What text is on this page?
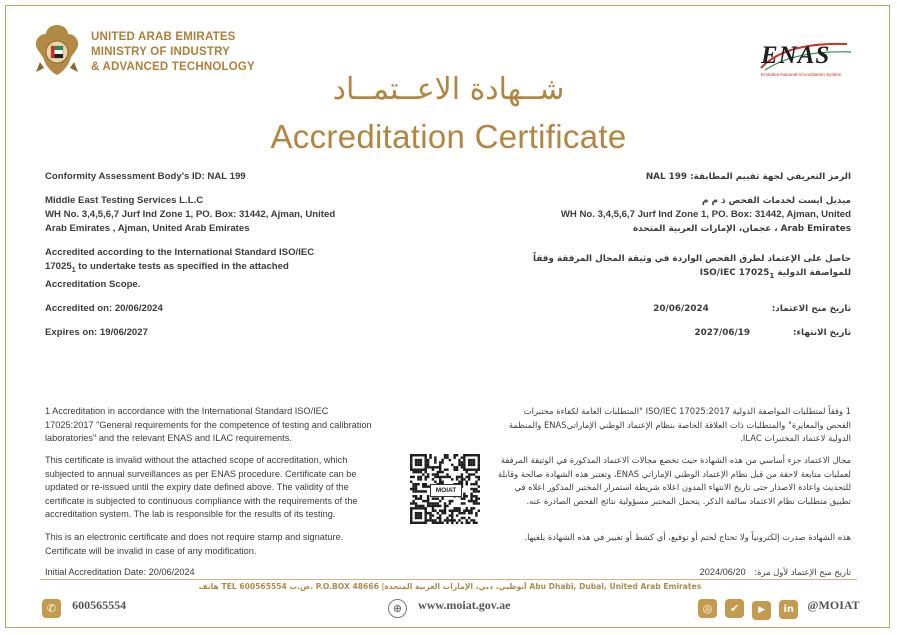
UNITED ARAB EMIRATES
MINISTRY OF INDUSTRY
& ADVANCED TECHNOLOGY	ENAS
Emirates National Accreditation System
شــهادة الاعــتمــاد
Accreditation Certificate
Conformity Assessment Body’s ID: NAL 199
Middle East Testing Services L.L.C
WH No. 3,4,5,6,7 Jurf Ind Zone 1, PO. Box: 31442, Ajman, United
Arab Emirates , Ajman, United Arab Emirates
Accredited according to the International Standard ISO/IEC
$17025_1$ to undertake tests as specified in the attached
Accreditation Scope.
Accredited on: 20/06/2024
Expires on: 19/06/2027
الرمز التعريفي لجهة تقييم المطابقة: NAL 199
ميديل ايست لخدمات الفحص ذ م م
WH No. 3,4,5,6,7 Jurf Ind Zone 1, PO. Box: 31442, Ajman, United
Arab Emirates ، عجمان، الإمارات العربية المتحدة
حاصل على الإعتماد لطرق الفحص الواردة في وثيقة المجال المرفقة وفقاً
للمواصفة الدولية ISO/IEC $17025_1$
تاريخ منح الاعتماد: 20/06/2024
تاريخ الانتهاء: 2027/06/19
1 Accreditation in accordance with the International Standard ISO/IEC
17025:2017 "General requirements for the competence of testing and calibration
laboratories" and the relevant ENAS and ILAC requirements.
This certificate is invalid without the attached scope of accreditation, which
subjected to annual surveillances as per ENAS procedure. Certificate can be
updated or re-issued until the expiry date defined above. The validity of the
certificate is subjected to continuous compliance with the requirements of the
accreditation system. The lab is responsible for the results of its testing.
This is an electronic certificate and does not require stamp and signature.
Certificate will be invalid in case of any modification.
Initial Accreditation Date: 20/06/2024
1 وفقاً لمتطلبات المواصفة الدولية ISO/IEC 17025:2017 "المتطلبات العامة لكفاءة مختبرات
الفحص والمعايرة" والمتطلبات ذات العلاقة الخاصة بنظام الإعتماد الوطني الإماراتيENAS والمنظمة
الدولية لاعتماد المختبرات ILAC.
مجال الاعتماد جزء أساسي من هذه الشهادة حيث تخضع مجالات الاعتماد المذكورة في الوثيقة المرفقة
لعمليات متابعة لاحقة من قبل نظام الإعتماد الوطني الإماراتي ENAS، وتعتبر هذه الشهادة صالحة وقابلة
للتحديث واعادة الاصدار حتى تاريخ الانتهاء المدون اعلاه شريطة استمرار المختبر المذكور اعلاه في
تطبيق متطلبات نظام الاعتماد سالفة الذكر. يتحمل المختبر مسؤولية نتائج الفحص الصادرة عنه.
هذه الشهادة صدرت إلكترونياً ولا تحتاج لختم أو توقيع، أي كشط أو تغيير في هذه الشهادة يلغيها.
تاريخ منح الإعتماد لأول مرة: 2024/06/20
MOIAT
هاتف TEL 600565554 ص.ب. P.O.BOX 48666 |أبوظبي، دبي، الإمارات العربية المتحدة Abu Dhabi, Dubai, United Arab Emirates
✆ 600565554	⊕ www.moiat.gov.ae	◎ ✔ ▶ in @MOIAT
